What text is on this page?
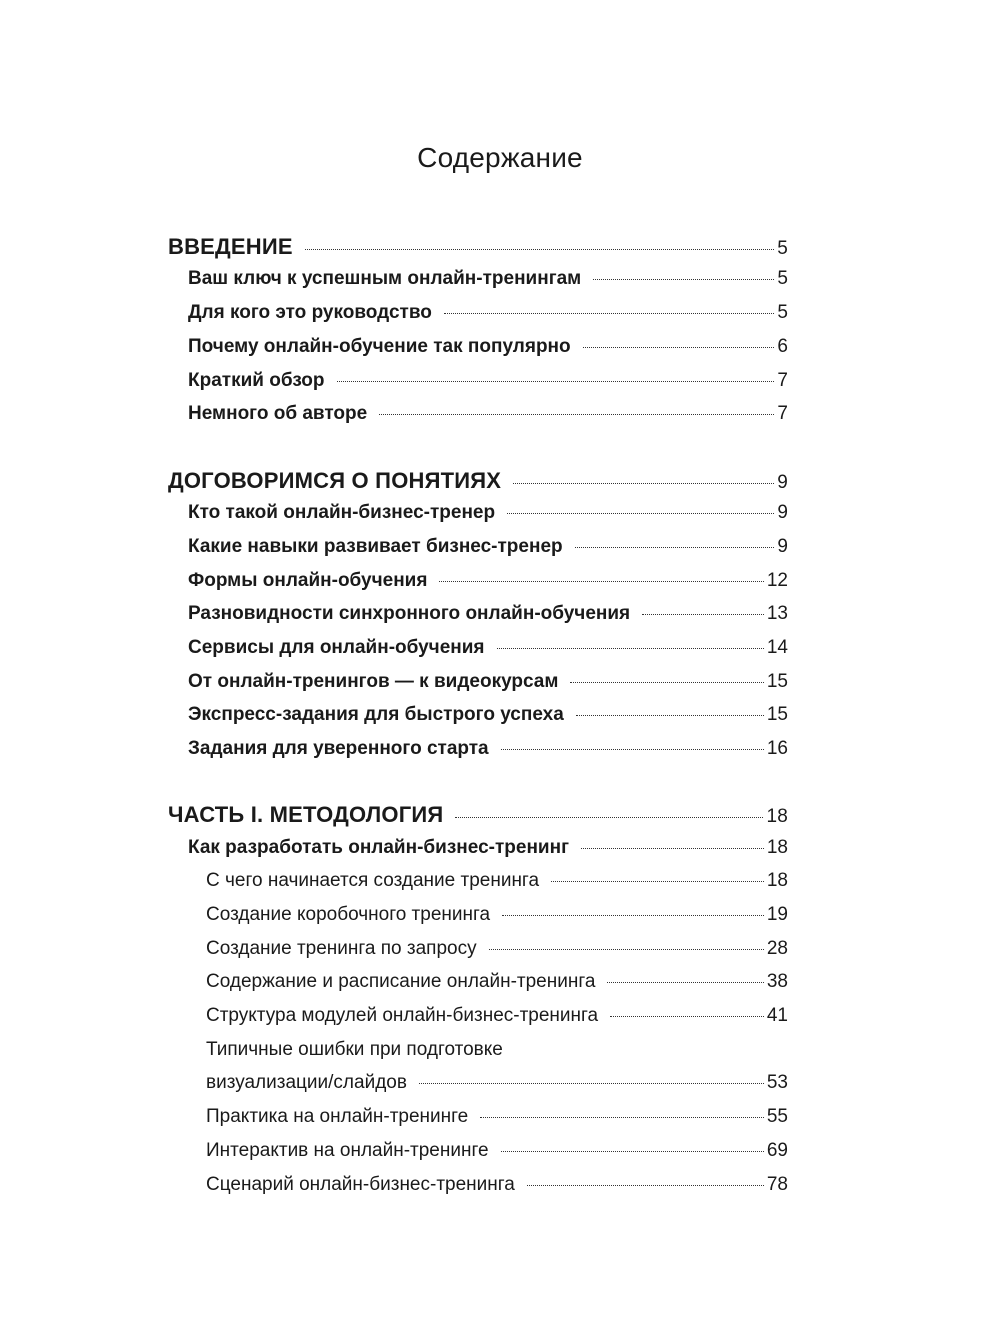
Содержание
ВВЕДЕНИЕ	5
Ваш ключ к успешным онлайн-тренингам	5
Для кого это руководство	5
Почему онлайн-обучение так популярно	6
Краткий обзор	7
Немного об авторе	7
ДОГОВОРИМСЯ О ПОНЯТИЯХ	9
Кто такой онлайн-бизнес-тренер	9
Какие навыки развивает бизнес-тренер	9
Формы онлайн-обучения	12
Разновидности синхронного онлайн-обучения	13
Сервисы для онлайн-обучения	14
От онлайн-тренингов — к видеокурсам	15
Экспресс-задания для быстрого успеха	15
Задания для уверенного старта	16
ЧАСТЬ I. МЕТОДОЛОГИЯ	18
Как разработать онлайн-бизнес-тренинг	18
С чего начинается создание тренинга	18
Создание коробочного тренинга	19
Создание тренинга по запросу	28
Содержание и расписание онлайн-тренинга	38
Структура модулей онлайн-бизнес-тренинга	41
Типичные ошибки при подготовке
визуализации/слайдов	53
Практика на онлайн-тренинге	55
Интерактив на онлайн-тренинге	69
Сценарий онлайн-бизнес-тренинга	78
